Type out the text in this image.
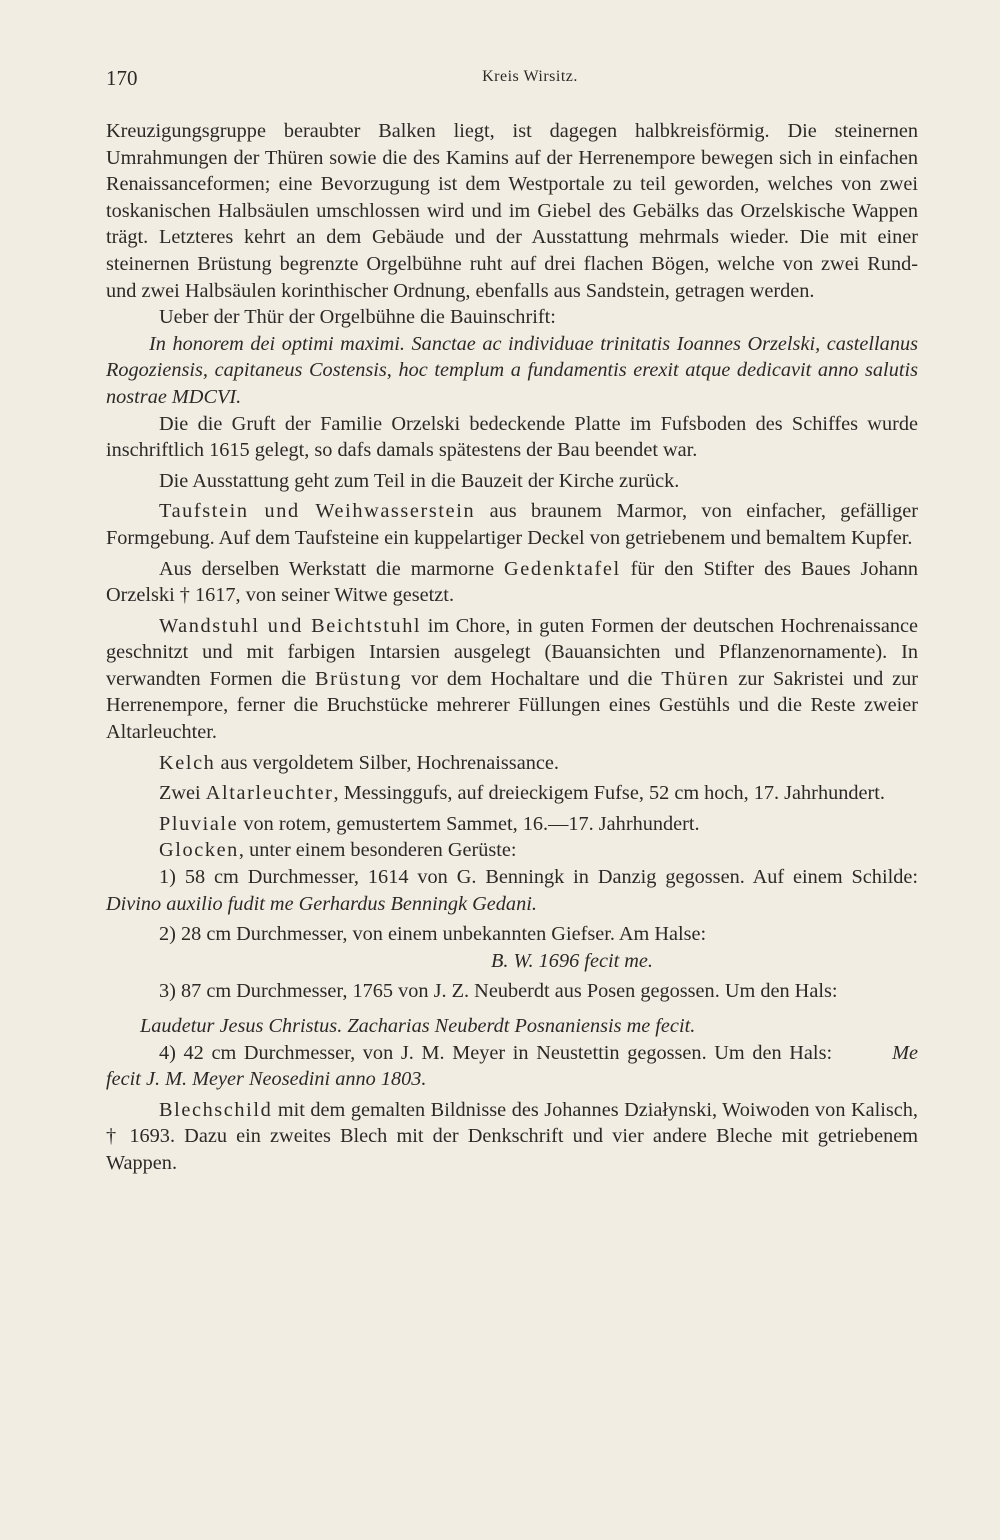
170	Kreis Wirsitz.

Kreuzigungsgruppe beraubter Balken liegt, ist dagegen halbkreisförmig. Die steinernen Umrahmungen der Thüren sowie die des Kamins auf der Herrenempore bewegen sich in einfachen Renaissanceformen; eine Bevorzugung ist dem Westportale zu teil geworden, welches von zwei toskanischen Halbsäulen umschlossen wird und im Giebel des Gebälks das Orzelskische Wappen trägt. Letzteres kehrt an dem Gebäude und der Ausstattung mehrmals wieder. Die mit einer steinernen Brüstung begrenzte Orgelbühne ruht auf drei flachen Bögen, welche von zwei Rund- und zwei Halbsäulen korinthischer Ordnung, ebenfalls aus Sandstein, getragen werden.

Ueber der Thür der Orgelbühne die Bauinschrift:

In honorem dei optimi maximi. Sanctae ac individuae trinitatis Ioannes Orzelski, castellanus Rogoziensis, capitaneus Costensis, hoc templum a fundamentis erexit atque dedicavit anno salutis nostrae MDCVI.

Die die Gruft der Familie Orzelski bedeckende Platte im Fufsboden des Schiffes wurde inschriftlich 1615 gelegt, so dafs damals spätestens der Bau beendet war.

Die Ausstattung geht zum Teil in die Bauzeit der Kirche zurück.

Taufstein und Weihwasserstein aus braunem Marmor, von einfacher, gefälliger Formgebung. Auf dem Taufsteine ein kuppelartiger Deckel von getriebenem und bemaltem Kupfer.

Aus derselben Werkstatt die marmorne Gedenktafel für den Stifter des Baues Johann Orzelski † 1617, von seiner Witwe gesetzt.

Wandstuhl und Beichtstuhl im Chore, in guten Formen der deutschen Hochrenaissance geschnitzt und mit farbigen Intarsien ausgelegt (Bauansichten und Pflanzenornamente). In verwandten Formen die Brüstung vor dem Hochaltare und die Thüren zur Sakristei und zur Herrenempore, ferner die Bruchstücke mehrerer Füllungen eines Gestühls und die Reste zweier Altarleuchter.

Kelch aus vergoldetem Silber, Hochrenaissance.

Zwei Altarleuchter, Messinggufs, auf dreieckigem Fufse, 52 cm hoch, 17. Jahrhundert.

Pluviale von rotem, gemustertem Sammet, 16.—17. Jahrhundert.

Glocken, unter einem besonderen Gerüste:

1) 58 cm Durchmesser, 1614 von G. Benningk in Danzig gegossen. Auf einem Schilde: Divino auxilio fudit me Gerhardus Benningk Gedani.

2) 28 cm Durchmesser, von einem unbekannten Giefser. Am Halse:

B. W. 1696 fecit me.

3) 87 cm Durchmesser, 1765 von J. Z. Neuberdt aus Posen gegossen. Um den Hals:

Laudetur Jesus Christus. Zacharias Neuberdt Posnaniensis me fecit.

4) 42 cm Durchmesser, von J. M. Meyer in Neustettin gegossen. Um den Hals:	Me fecit J. M. Meyer Neosedini anno 1803.

Blechschild mit dem gemalten Bildnisse des Johannes Działynski, Woiwoden von Kalisch, † 1693. Dazu ein zweites Blech mit der Denkschrift und vier andere Bleche mit getriebenem Wappen.
